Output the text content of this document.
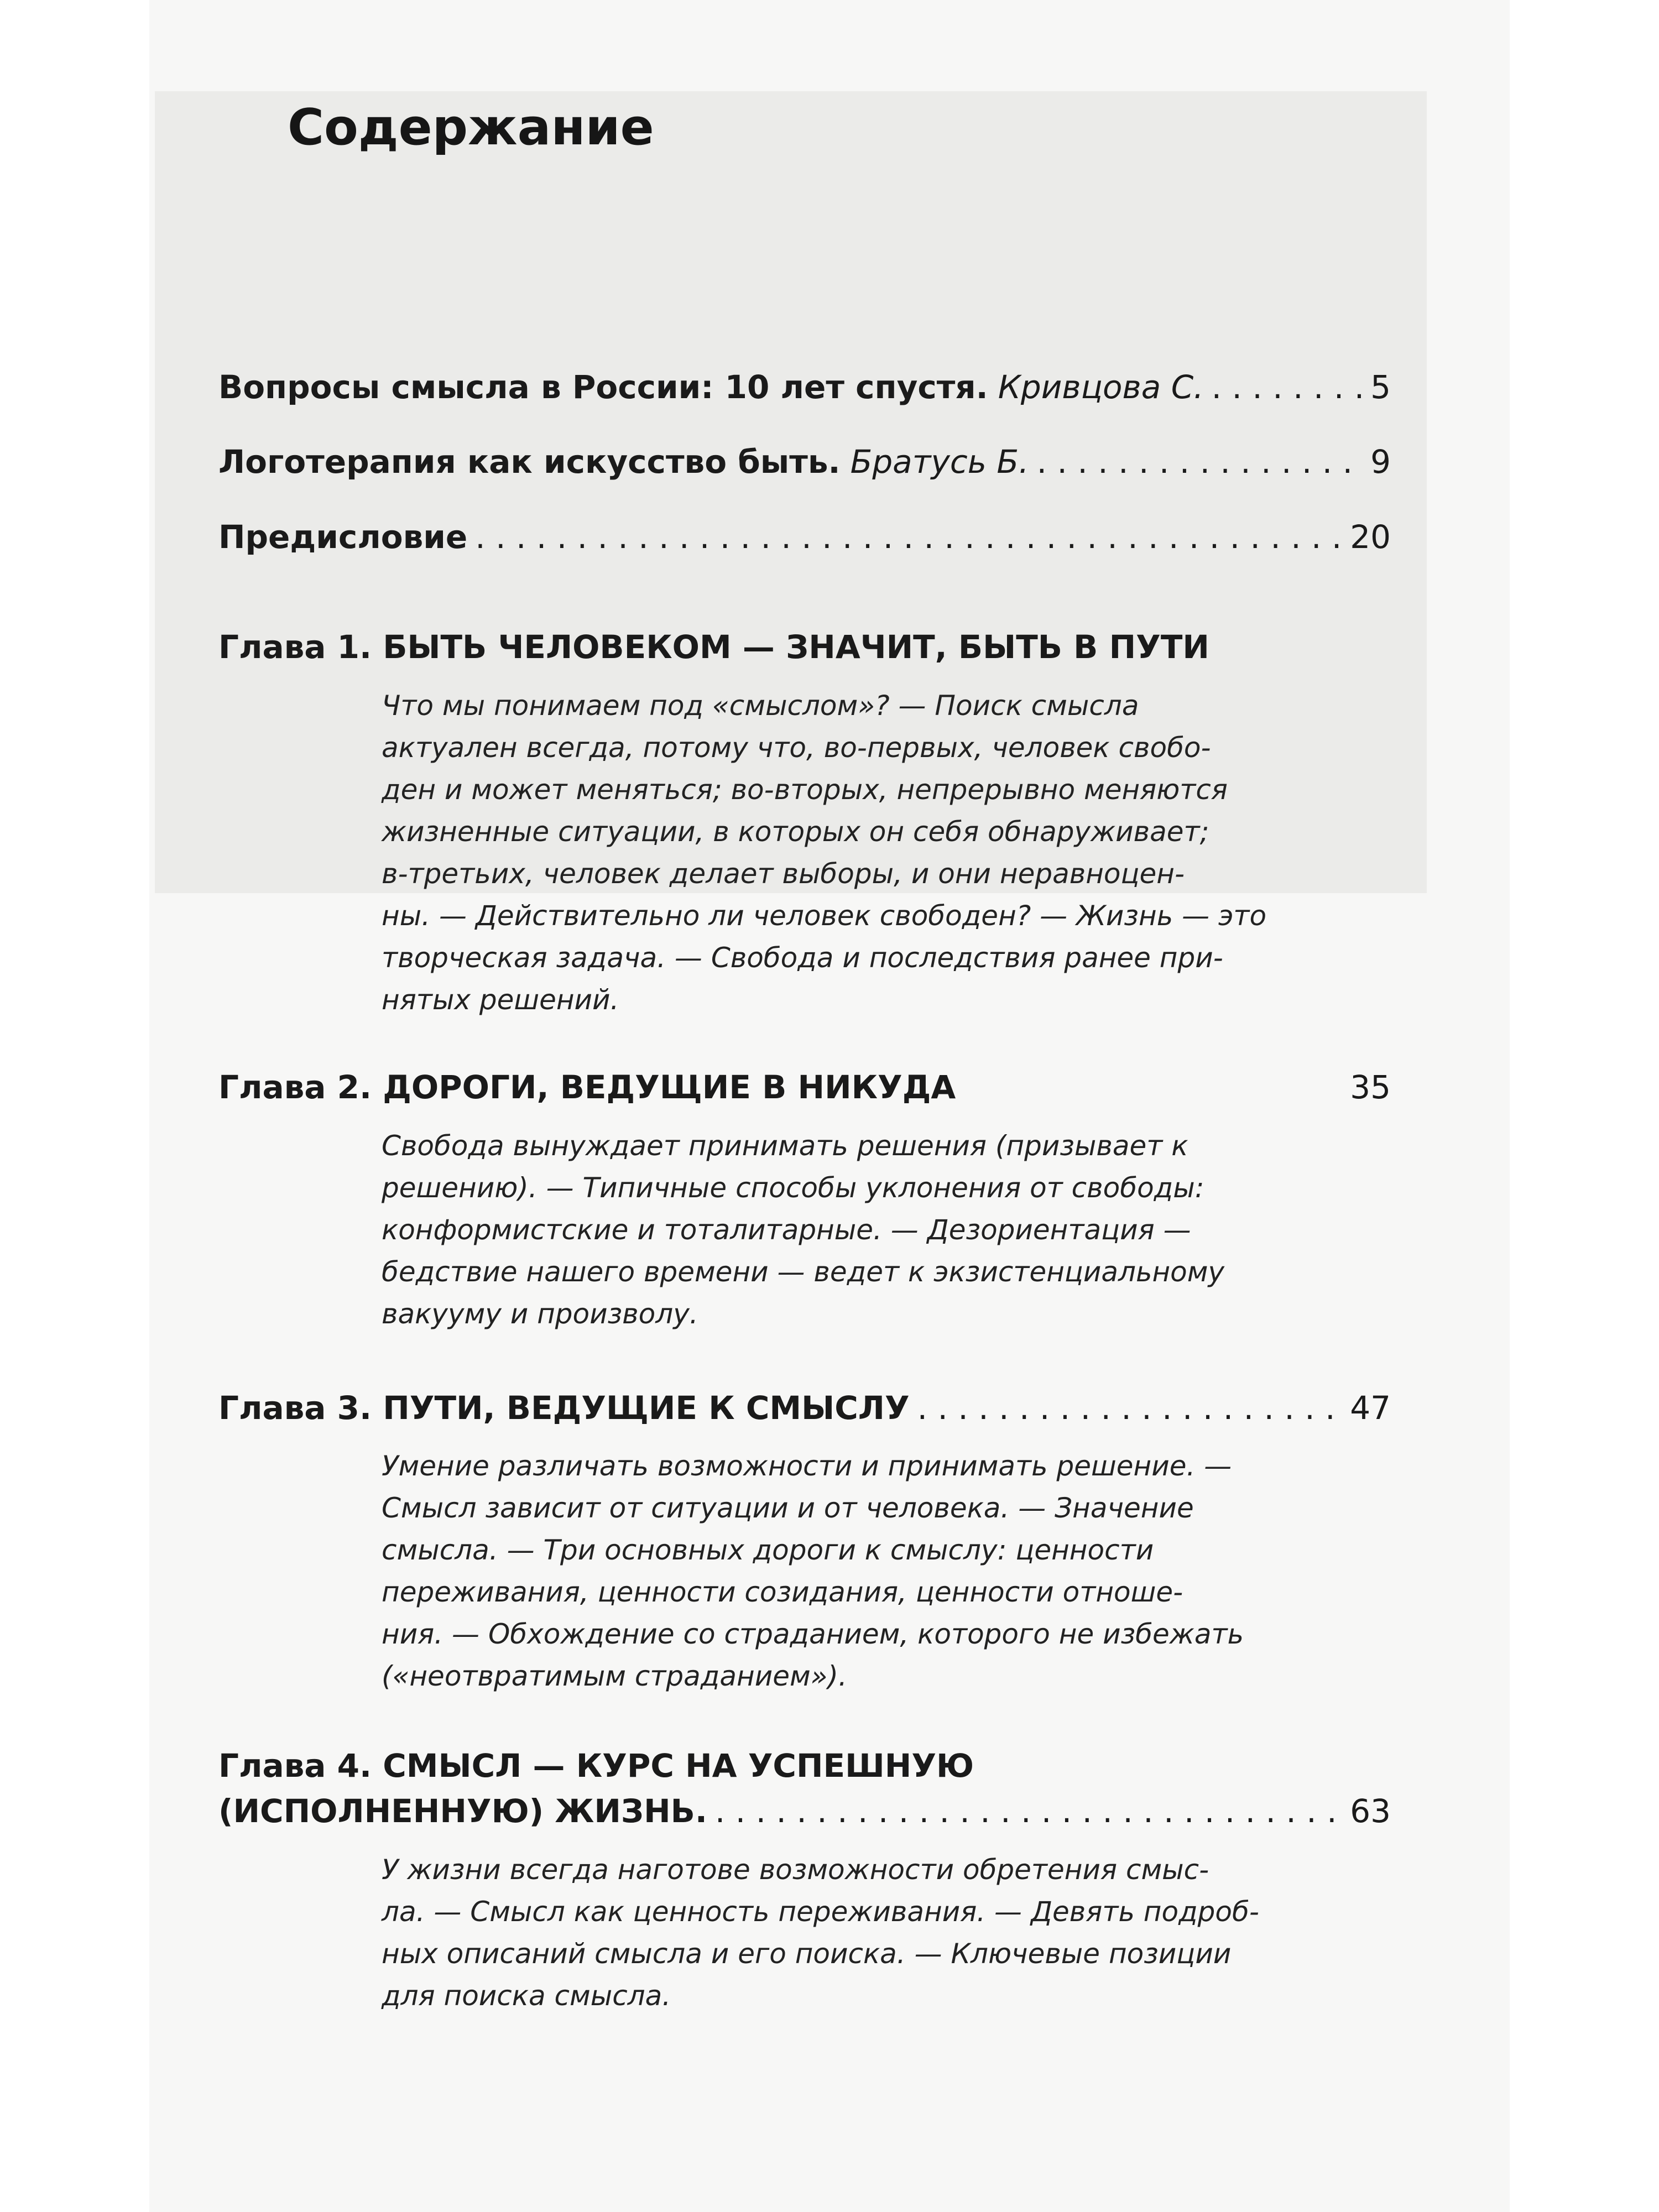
Содержание
Вопросы смысла в России: 10 лет спустя. Кривцова С. . . .	5
Логотерапия как искусство быть. Братусь Б. . . .	9
Предисловие . . .	20
Глава 1. БЫТЬ ЧЕЛОВЕКОМ — ЗНАЧИТ, БЫТЬ В ПУТИ
Что мы понимаем под «смыслом»? — Поиск смысла
актуален всегда, потому что, во-первых, человек свобо-
ден и может меняться; во-вторых, непрерывно меняются
жизненные ситуации, в которых он себя обнаруживает;
в-третьих, человек делает выборы, и они неравноцен-
ны. — Действительно ли человек свободен? — Жизнь — это
творческая задача. — Свобода и последствия ранее при-
нятых решений.
Глава 2. ДОРОГИ, ВЕДУЩИЕ В НИКУДА	35
Свобода вынуждает принимать решения (призывает к
решению). — Типичные способы уклонения от свободы:
конформистские и тоталитарные. — Дезориентация —
бедствие нашего времени — ведет к экзистенциальному
вакууму и произволу.
Глава 3. ПУТИ, ВЕДУЩИЕ К СМЫСЛУ . . .	47
Умение различать возможности и принимать решение. —
Смысл зависит от ситуации и от человека. — Значение
смысла. — Три основных дороги к смыслу: ценности
переживания, ценности созидания, ценности отноше-
ния. — Обхождение со страданием, которого не избежать
(«неотвратимым страданием»).
Глава 4. СМЫСЛ — КУРС НА УСПЕШНУЮ
(ИСПОЛНЕННУЮ) ЖИЗНЬ. . . .	63
У жизни всегда наготове возможности обретения смыс-
ла. — Смысл как ценность переживания. — Девять подроб-
ных описаний смысла и его поиска. — Ключевые позиции
для поиска смысла.
